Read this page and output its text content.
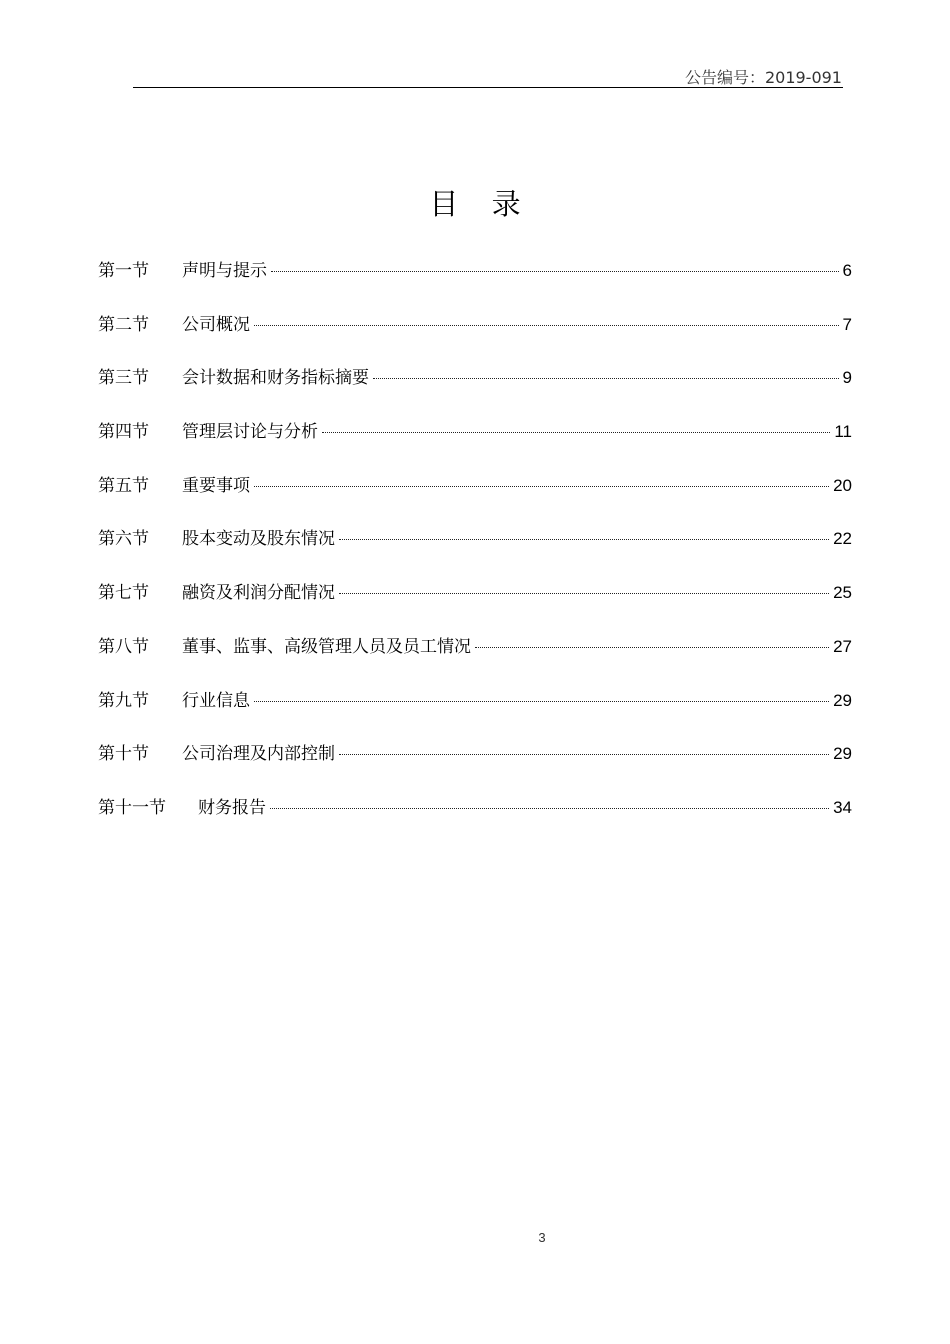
公告编号：2019-091
目 录
第一节	声明与提示	6
第二节	公司概况	7
第三节	会计数据和财务指标摘要	9
第四节	管理层讨论与分析	11
第五节	重要事项	20
第六节	股本变动及股东情况	22
第七节	融资及利润分配情况	25
第八节	董事、监事、高级管理人员及员工情况	27
第九节	行业信息	29
第十节	公司治理及内部控制	29
第十一节	财务报告	34
3
